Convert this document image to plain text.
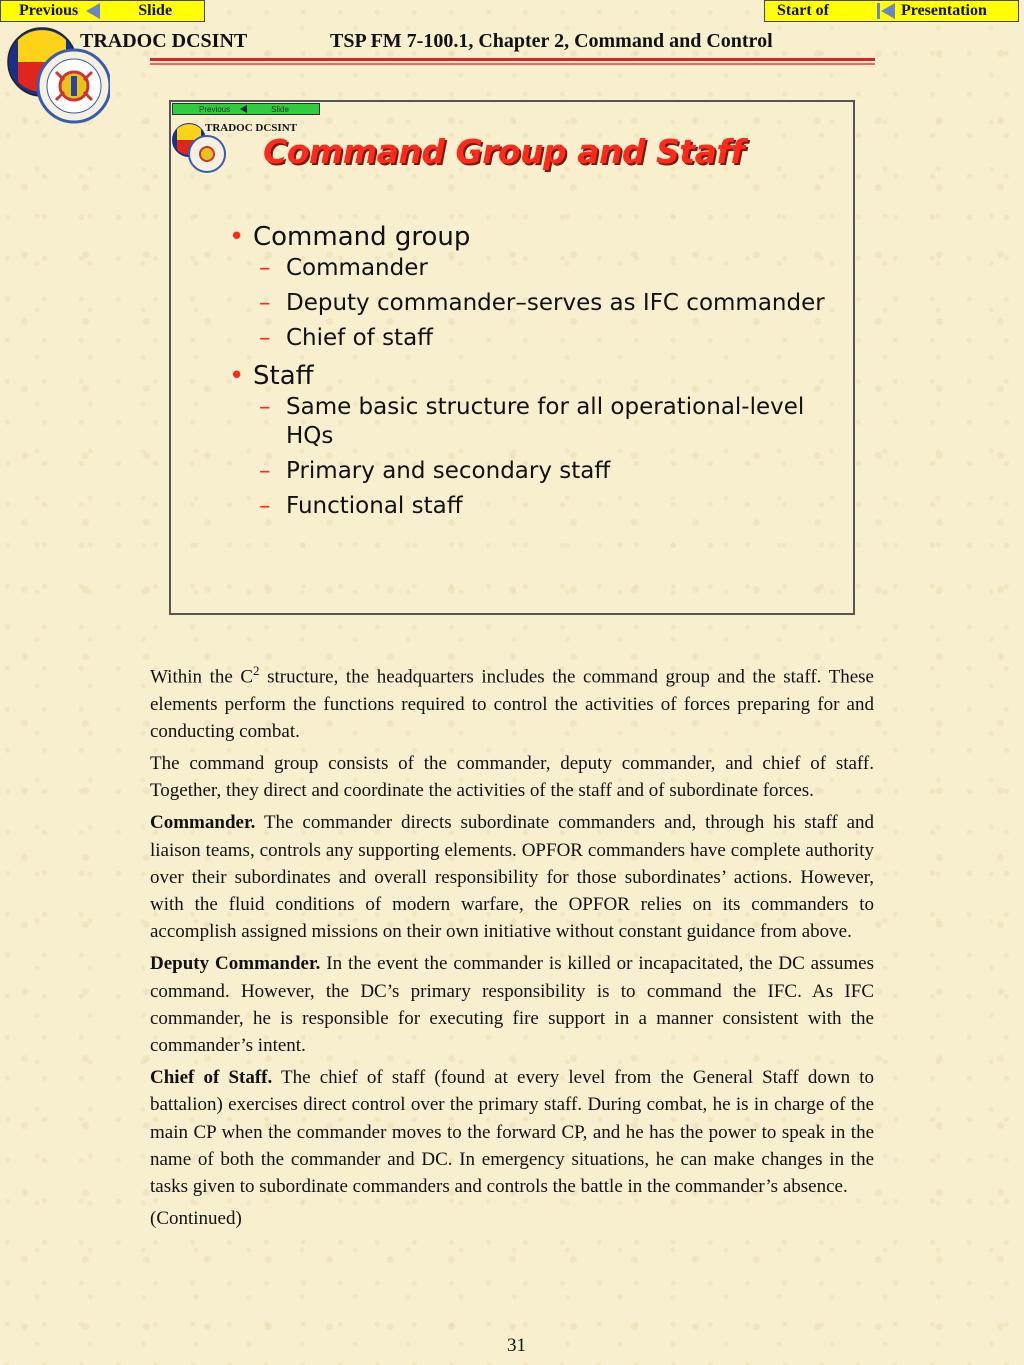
Previous	Slide	Start of	Presentation
TRADOC DCSINT	TSP FM 7-100.1, Chapter 2, Command and Control
Previous	Slide
TRADOC DCSINT
Command Group and Staff
• Command group
– Commander
– Deputy commander–serves as IFC commander
– Chief of staff
• Staff
– Same basic structure for all operational-level HQs
– Primary and secondary staff
– Functional staff

Within the $C^2$ structure, the headquarters includes the command group and the staff. These elements perform the functions required to control the activities of forces preparing for and conducting combat.

The command group consists of the commander, deputy commander, and chief of staff. Together, they direct and coordinate the activities of the staff and of subordinate forces.

Commander. The commander directs subordinate commanders and, through his staff and liaison teams, controls any supporting elements. OPFOR commanders have complete authority over their subordinates and overall responsibility for those subordinates’ actions. However, with the fluid conditions of modern warfare, the OPFOR relies on its commanders to accomplish assigned missions on their own initiative without constant guidance from above.

Deputy Commander. In the event the commander is killed or incapacitated, the DC assumes command. However, the DC’s primary responsibility is to command the IFC. As IFC commander, he is responsible for executing fire support in a manner consistent with the commander’s intent.

Chief of Staff. The chief of staff (found at every level from the General Staff down to battalion) exercises direct control over the primary staff. During combat, he is in charge of the main CP when the commander moves to the forward CP, and he has the power to speak in the name of both the commander and DC. In emergency situations, he can make changes in the tasks given to subordinate commanders and controls the battle in the commander’s absence.

(Continued)

31
